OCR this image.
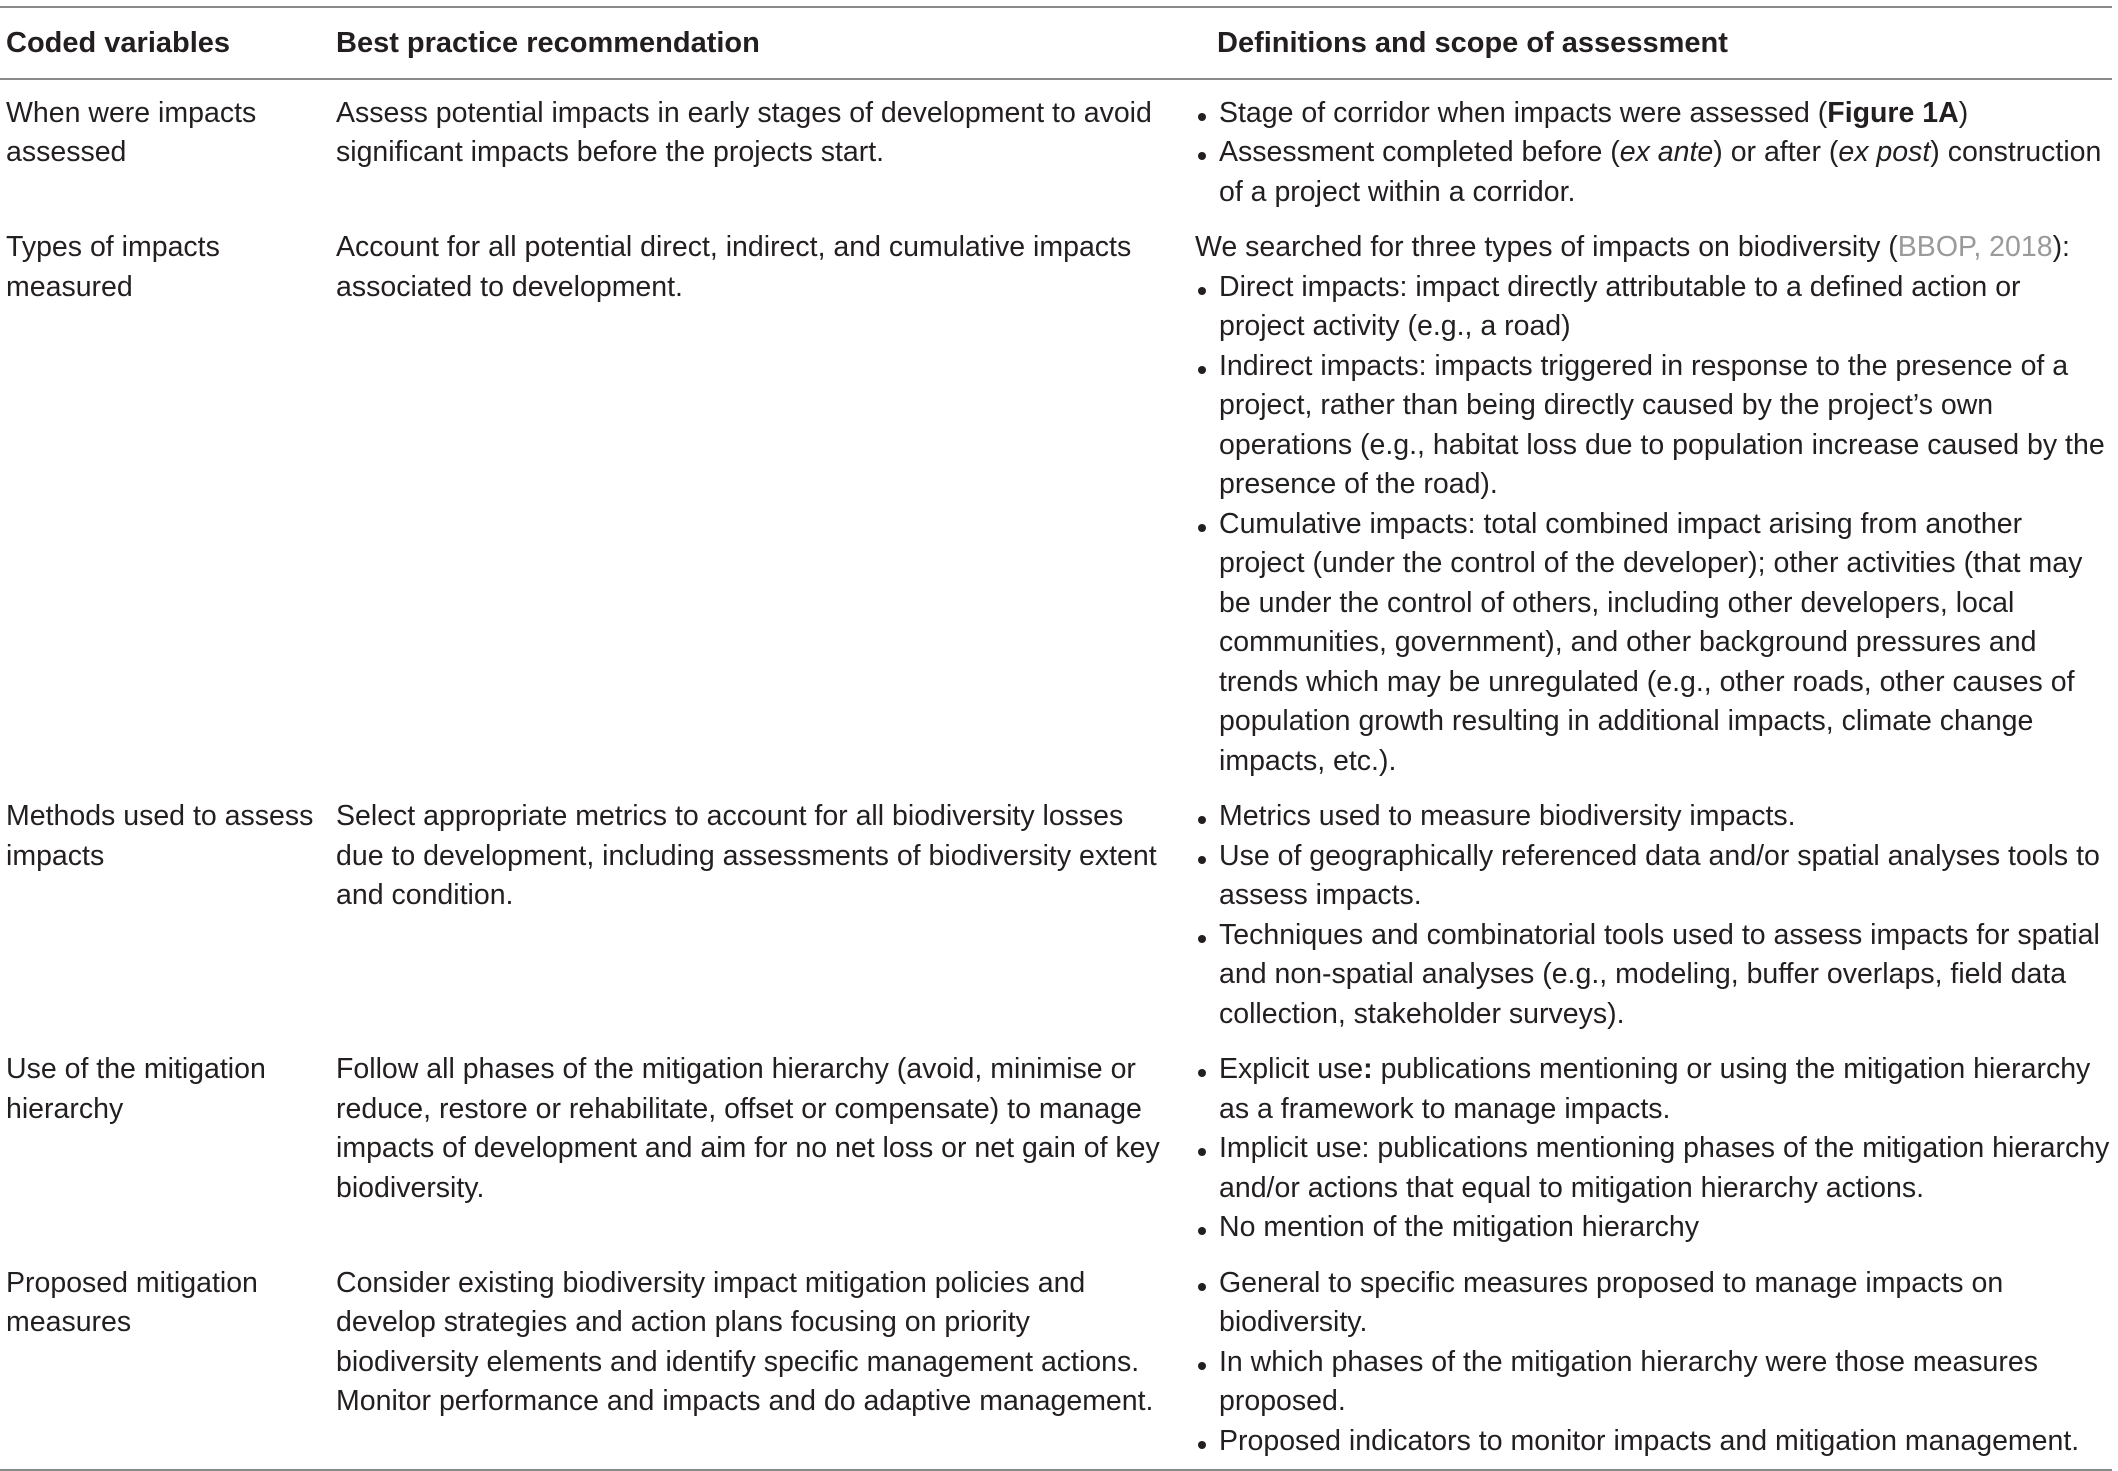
Coded variables	Best practice recommendation	Definitions and scope of assessment
When were impacts assessed
Assess potential impacts in early stages of development to avoid significant impacts before the projects start.
Stage of corridor when impacts were assessed (Figure 1A)
Assessment completed before (ex ante) or after (ex post) construction of a project within a corridor.
Types of impacts measured
Account for all potential direct, indirect, and cumulative impacts associated to development.
We searched for three types of impacts on biodiversity (BBOP, 2018):
Direct impacts: impact directly attributable to a defined action or project activity (e.g., a road)
Indirect impacts: impacts triggered in response to the presence of a project, rather than being directly caused by the project’s own operations (e.g., habitat loss due to population increase caused by the presence of the road).
Cumulative impacts: total combined impact arising from another project (under the control of the developer); other activities (that may be under the control of others, including other developers, local communities, government), and other background pressures and trends which may be unregulated (e.g., other roads, other causes of population growth resulting in additional impacts, climate change impacts, etc.).
Methods used to assess impacts
Select appropriate metrics to account for all biodiversity losses due to development, including assessments of biodiversity extent and condition.
Metrics used to measure biodiversity impacts.
Use of geographically referenced data and/or spatial analyses tools to assess impacts.
Techniques and combinatorial tools used to assess impacts for spatial and non-spatial analyses (e.g., modeling, buffer overlaps, field data collection, stakeholder surveys).
Use of the mitigation hierarchy
Follow all phases of the mitigation hierarchy (avoid, minimise or reduce, restore or rehabilitate, offset or compensate) to manage impacts of development and aim for no net loss or net gain of key biodiversity.
Explicit use: publications mentioning or using the mitigation hierarchy as a framework to manage impacts.
Implicit use: publications mentioning phases of the mitigation hierarchy and/or actions that equal to mitigation hierarchy actions.
No mention of the mitigation hierarchy
Proposed mitigation measures
Consider existing biodiversity impact mitigation policies and develop strategies and action plans focusing on priority biodiversity elements and identify specific management actions. Monitor performance and impacts and do adaptive management.
General to specific measures proposed to manage impacts on biodiversity.
In which phases of the mitigation hierarchy were those measures proposed.
Proposed indicators to monitor impacts and mitigation management.
